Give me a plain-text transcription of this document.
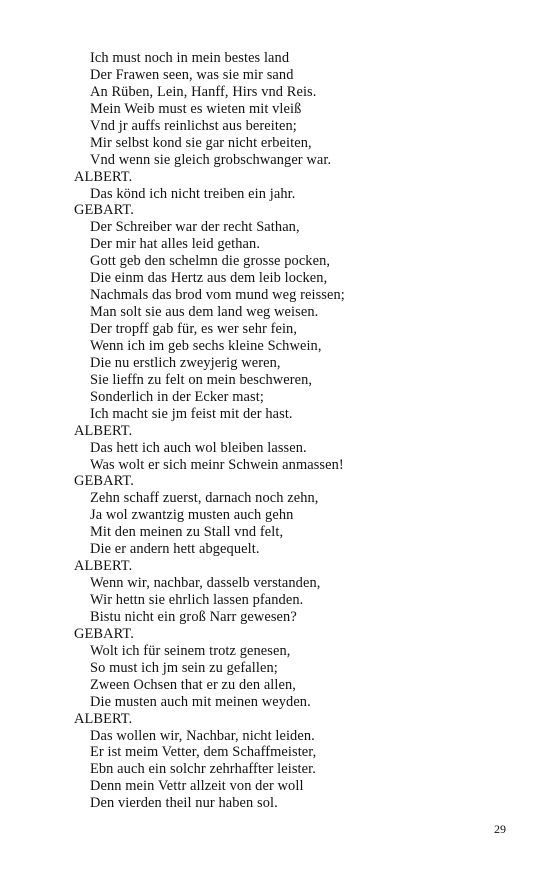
Ich must noch in mein bestes land
Der Frawen seen, was sie mir sand
An Rüben, Lein, Hanff, Hirs vnd Reis.
Mein Weib must es wieten mit vleiß
Vnd jr auffs reinlichst aus bereiten;
Mir selbst kond sie gar nicht erbeiten,
Vnd wenn sie gleich grobschwanger war.
ALBERT.
Das könd ich nicht treiben ein jahr.
GEBART.
Der Schreiber war der recht Sathan,
Der mir hat alles leid gethan.
Gott geb den schelmn die grosse pocken,
Die einm das Hertz aus dem leib locken,
Nachmals das brod vom mund weg reissen;
Man solt sie aus dem land weg weisen.
Der tropff gab für, es wer sehr fein,
Wenn ich im geb sechs kleine Schwein,
Die nu erstlich zweyjerig weren,
Sie lieffn zu felt on mein beschweren,
Sonderlich in der Ecker mast;
Ich macht sie jm feist mit der hast.
ALBERT.
Das hett ich auch wol bleiben lassen.
Was wolt er sich meinr Schwein anmassen!
GEBART.
Zehn schaff zuerst, darnach noch zehn,
Ja wol zwantzig musten auch gehn
Mit den meinen zu Stall vnd felt,
Die er andern hett abgequelt.
ALBERT.
Wenn wir, nachbar, dasselb verstanden,
Wir hettn sie ehrlich lassen pfanden.
Bistu nicht ein groß Narr gewesen?
GEBART.
Wolt ich für seinem trotz genesen,
So must ich jm sein zu gefallen;
Zween Ochsen that er zu den allen,
Die musten auch mit meinen weyden.
ALBERT.
Das wollen wir, Nachbar, nicht leiden.
Er ist meim Vetter, dem Schaffmeister,
Ebn auch ein solchr zehrhaffter leister.
Denn mein Vettr allzeit von der woll
Den vierden theil nur haben sol.
29
